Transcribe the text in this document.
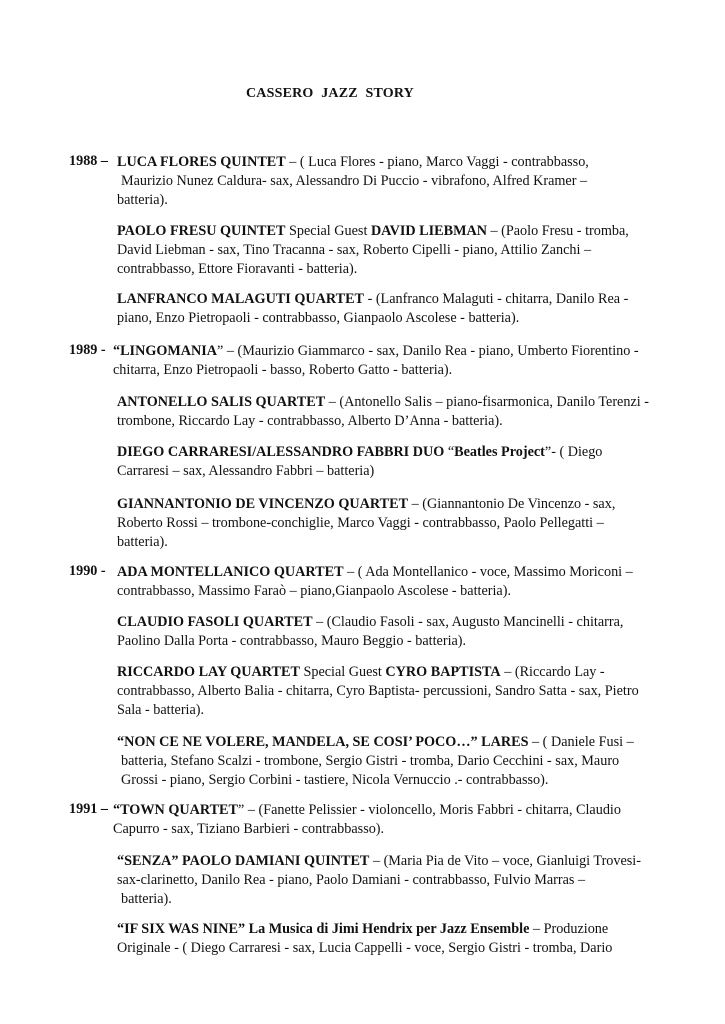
CASSERO JAZZ STORY
1988 –
1989 -
1990 -
1991 –
LUCA FLORES QUINTET – ( Luca Flores - piano, Marco Vaggi - contrabbasso,
Maurizio Nunez Caldura- sax, Alessandro Di Puccio - vibrafono, Alfred Kramer –
batteria).
PAOLO FRESU QUINTET Special Guest DAVID LIEBMAN – (Paolo Fresu - tromba, David Liebman - sax, Tino Tracanna - sax, Roberto Cipelli - piano, Attilio Zanchi – contrabbasso, Ettore Fioravanti - batteria).
LANFRANCO MALAGUTI QUARTET - (Lanfranco Malaguti - chitarra, Danilo Rea - piano, Enzo Pietropaoli - contrabbasso, Gianpaolo Ascolese - batteria).
“LINGOMANIA” – (Maurizio Giammarco - sax, Danilo Rea - piano, Umberto Fiorentino - chitarra, Enzo Pietropaoli - basso, Roberto Gatto - batteria).
ANTONELLO SALIS QUARTET – (Antonello Salis – piano-fisarmonica, Danilo Terenzi - trombone, Riccardo Lay - contrabbasso, Alberto D’Anna - batteria).
DIEGO CARRARESI/ALESSANDRO FABBRI DUO “Beatles Project”- ( Diego Carraresi – sax, Alessandro Fabbri – batteria)
GIANNANTONIO DE VINCENZO QUARTET – (Giannantonio De Vincenzo - sax, Roberto Rossi – trombone-conchiglie, Marco Vaggi - contrabbasso, Paolo Pellegatti – batteria).
ADA MONTELLANICO QUARTET – ( Ada Montellanico - voce, Massimo Moriconi – contrabbasso, Massimo Faraò – piano,Gianpaolo Ascolese - batteria).
CLAUDIO FASOLI QUARTET – (Claudio Fasoli - sax, Augusto Mancinelli - chitarra, Paolino Dalla Porta - contrabbasso, Mauro Beggio - batteria).
RICCARDO LAY QUARTET Special Guest CYRO BAPTISTA – (Riccardo Lay - contrabbasso, Alberto Balia - chitarra, Cyro Baptista- percussioni, Sandro Satta - sax, Pietro Sala - batteria).
“NON CE NE VOLERE, MANDELA, SE COSI’ POCO…” LARES – ( Daniele Fusi –
batteria, Stefano Scalzi - trombone, Sergio Gistri - tromba, Dario Cecchini - sax, Mauro
Grossi - piano, Sergio Corbini - tastiere, Nicola Vernuccio .- contrabbasso).
“TOWN QUARTET” – (Fanette Pelissier - violoncello, Moris Fabbri - chitarra, Claudio Capurro - sax, Tiziano Barbieri - contrabbasso).
“SENZA” PAOLO DAMIANI QUINTET – (Maria Pia de Vito – voce, Gianluigi Trovesi- sax-clarinetto, Danilo Rea - piano, Paolo Damiani - contrabbasso, Fulvio Marras –
batteria).
“IF SIX WAS NINE” La Musica di Jimi Hendrix per Jazz Ensemble – Produzione Originale - ( Diego Carraresi - sax, Lucia Cappelli - voce, Sergio Gistri - tromba, Dario
